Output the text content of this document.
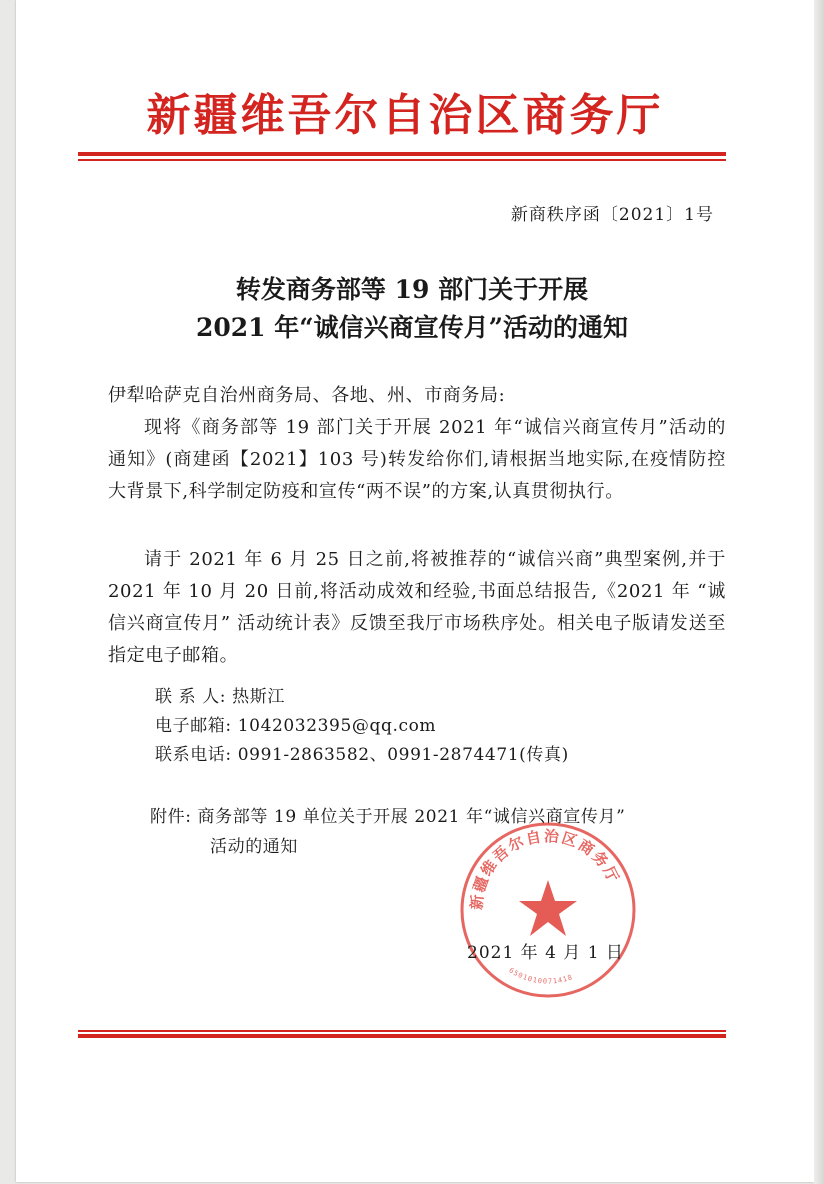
新疆维吾尔自治区商务厅
新商秩序函〔2021〕1号
转发商务部等 19 部门关于开展
2021 年“诚信兴商宣传月”活动的通知

伊犁哈萨克自治州商务局、各地、州、市商务局:

现将《商务部等 19 部门关于开展 2021 年“诚信兴商宣传月”活动的通知》(商建函【2021】103 号)转发给你们,请根据当地实际,在疫情防控大背景下,科学制定防疫和宣传“两不误”的方案,认真贯彻执行。

请于 2021 年 6 月 25 日之前,将被推荐的“诚信兴商”典型案例,并于 2021 年 10 月 20 日前,将活动成效和经验,书面总结报告,《2021 年 “诚信兴商宣传月” 活动统计表》反馈至我厅市场秩序处。相关电子版请发送至指定电子邮箱。

联 系 人: 热斯江
电子邮箱: 1042032395@qq.com
联系电话: 0991-2863582、0991-2874471(传真)
附件: 商务部等 19 单位关于开展 2021 年“诚信兴商宣传月”
活动的通知
新疆维吾尔自治区商务厅
6501010071418
2021 年 4 月 1 日
